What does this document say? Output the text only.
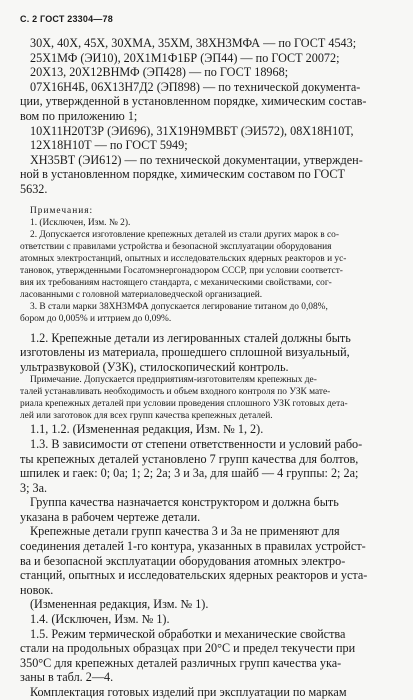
С. 2 ГОСТ 23304—78

30Х, 40Х, 45Х, 30ХМА, 35ХМ, 38ХН3МФА — по ГОСТ 4543;

25Х1МФ (ЭИ10), 20Х1М1Ф1БР (ЭП44) — по ГОСТ 20072;

20Х13, 20Х12ВНМФ (ЭП428) — по ГОСТ 18968;

07Х16Н4Б, 06Х13Н7Д2 (ЭП898) — по технической документа-

ции, утвержденной в установленном порядке, химическим состав-

вом по приложению 1;

10Х11Н20Т3Р (ЭИ696), 31Х19Н9МВБТ (ЭИ572), 08Х18Н10Т,

12Х18Н10Т — по ГОСТ 5949;

ХН35ВТ (ЭИ612) — по технической документации, утвержден-

ной в установленном порядке, химическим составом по ГОСТ

5632.

Примечания:

1. (Исключен, Изм. № 2).

2. Допускается изготовление крепежных деталей из стали других марок в со-

ответствии с правилами устройства и безопасной эксплуатации оборудования

атомных электростанций, опытных и исследовательских ядерных реакторов и ус-

тановок, утвержденными Госатомэнергонадзором СССР, при условии соответст-

вия их требованиям настоящего стандарта, с механическими свойствами, сог-

ласованными с головной материаловедческой организацией.

3. В стали марки 38ХН3МФА допускается легирование титаном до 0,08%,

бором до 0,005% и иттрием до 0,09%.

1.2. Крепежные детали из легированных сталей должны быть

изготовлены из материала, прошедшего сплошной визуальный,

ультразвуковой (УЗК), стилоскопический контроль.

Примечание. Допускается предприятиям-изготовителям крепежных де-

талей устанавливать необходимость и объем входного контроля по УЗК мате-

риала крепежных деталей при условии проведения сплошного УЗК готовых дета-

лей или заготовок для всех групп качества крепежных деталей.

1.1, 1.2. (Измененная редакция, Изм. № 1, 2).

1.3. В зависимости от степени ответственности и условий рабо-

ты крепежных деталей установлено 7 групп качества для болтов,

шпилек и гаек: 0; 0а; 1; 2; 2а; 3 и 3а, для шайб — 4 группы: 2; 2а;

3; 3а.

Группа качества назначается конструктором и должна быть

указана в рабочем чертеже детали.

Крепежные детали групп качества 3 и 3а не применяют для

соединения деталей 1-го контура, указанных в правилах устройст-

ва и безопасной эксплуатации оборудования атомных электро-

станций, опытных и исследовательских ядерных реакторов и уста-

новок.

(Измененная редакция, Изм. № 1).

1.4. (Исключен, Изм. № 1).

1.5. Режим термической обработки и механические свойства

стали на продольных образцах при 20°С и предел текучести при

350°С для крепежных деталей различных групп качества ука-

заны в табл. 2—4.

Комплектация готовых изделий при эксплуатации по маркам
